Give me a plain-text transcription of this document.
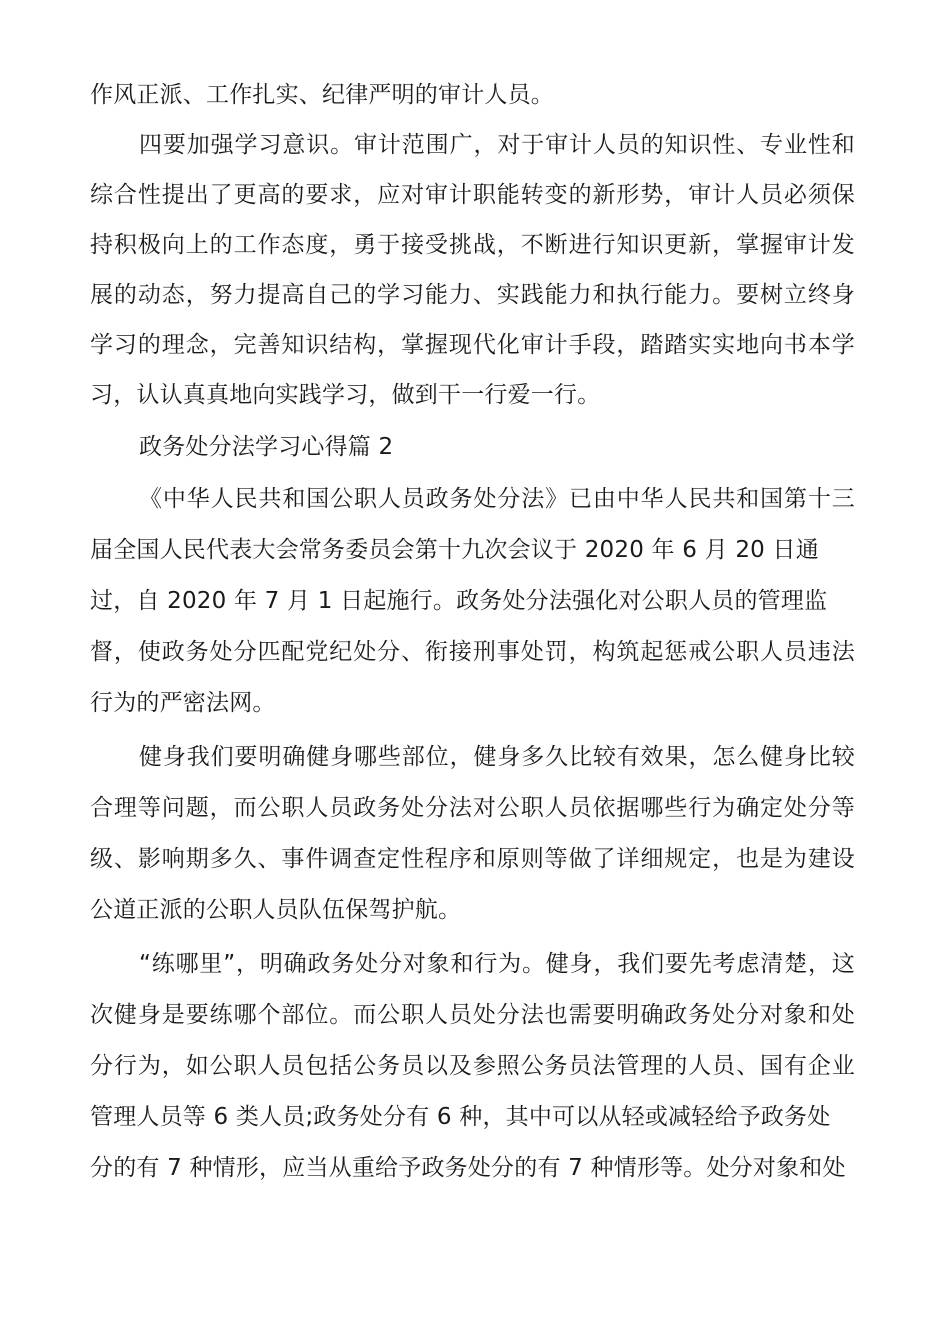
作风正派、工作扎实、纪律严明的审计人员。
四要加强学习意识。审计范围广，对于审计人员的知识性、专业性和
综合性提出了更高的要求，应对审计职能转变的新形势，审计人员必须保
持积极向上的工作态度，勇于接受挑战，不断进行知识更新，掌握审计发
展的动态，努力提高自己的学习能力、实践能力和执行能力。要树立终身
学习的理念，完善知识结构，掌握现代化审计手段，踏踏实实地向书本学
习，认认真真地向实践学习，做到干一行爱一行。
政务处分法学习心得篇 2
《中华人民共和国公职人员政务处分法》已由中华人民共和国第十三
届全国人民代表大会常务委员会第十九次会议于 2020 年 6 月 20 日通
过，自 2020 年 7 月 1 日起施行。政务处分法强化对公职人员的管理监
督，使政务处分匹配党纪处分、衔接刑事处罚，构筑起惩戒公职人员违法
行为的严密法网。
健身我们要明确健身哪些部位，健身多久比较有效果，怎么健身比较
合理等问题，而公职人员政务处分法对公职人员依据哪些行为确定处分等
级、影响期多久、事件调查定性程序和原则等做了详细规定，也是为建设
公道正派的公职人员队伍保驾护航。
“练哪里”，明确政务处分对象和行为。健身，我们要先考虑清楚，这
次健身是要练哪个部位。而公职人员处分法也需要明确政务处分对象和处
分行为，如公职人员包括公务员以及参照公务员法管理的人员、国有企业
管理人员等 6 类人员;政务处分有 6 种，其中可以从轻或减轻给予政务处
分的有 7 种情形，应当从重给予政务处分的有 7 种情形等。处分对象和处
